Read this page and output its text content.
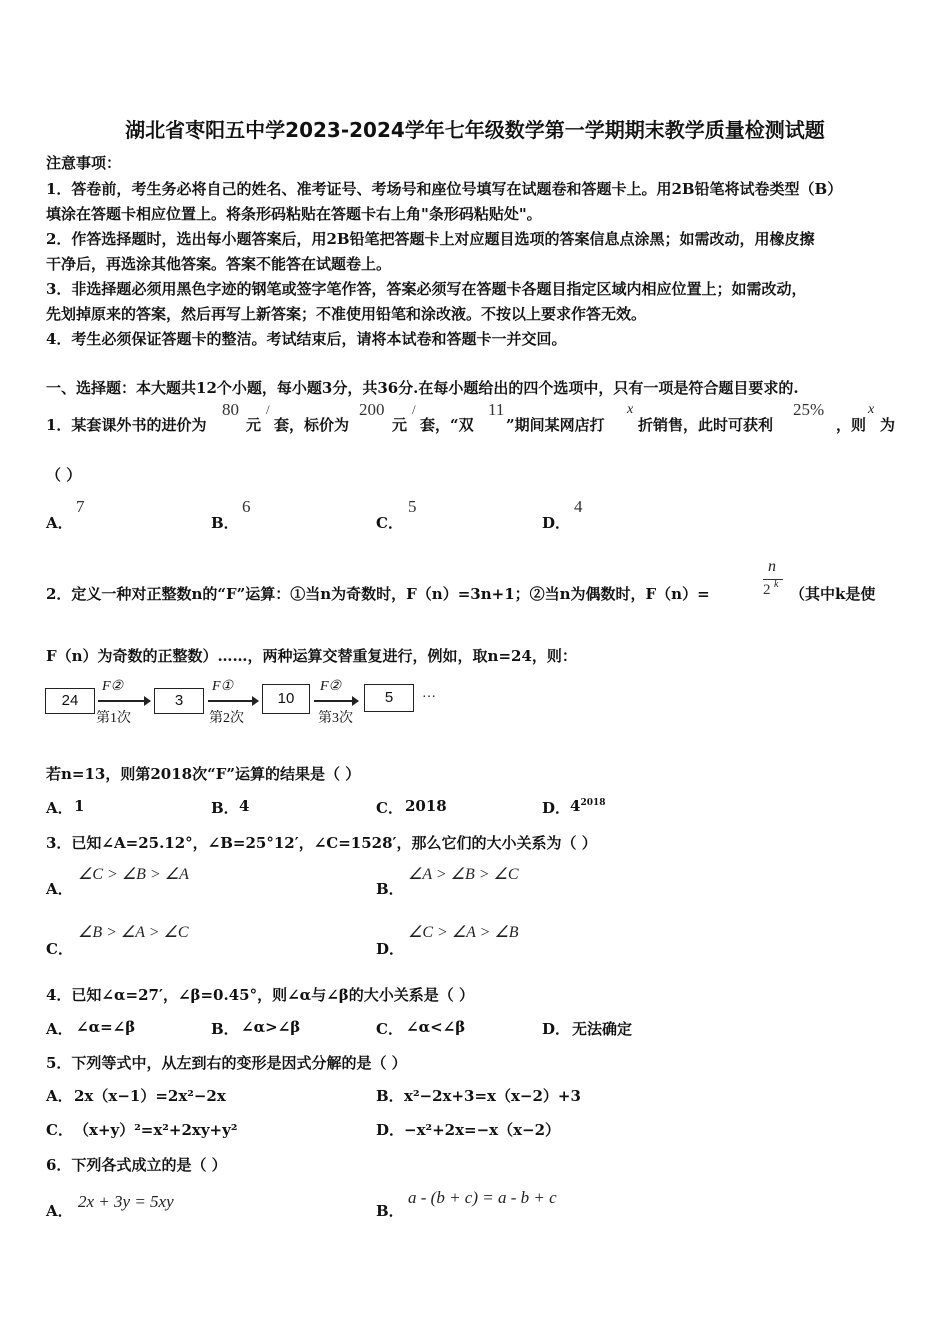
湖北省枣阳五中学2023-2024学年七年级数学第一学期期末教学质量检测试题
注意事项：
1．答卷前，考生务必将自己的姓名、准考证号、考场号和座位号填写在试题卷和答题卡上。用2B铅笔将试卷类型（B）
填涂在答题卡相应位置上。将条形码粘贴在答题卡右上角"条形码粘贴处"。
2．作答选择题时，选出每小题答案后，用2B铅笔把答题卡上对应题目选项的答案信息点涂黑；如需改动，用橡皮擦
干净后，再选涂其他答案。答案不能答在试题卷上。
3．非选择题必须用黑色字迹的钢笔或签字笔作答，答案必须写在答题卡各题目指定区域内相应位置上；如需改动，
先划掉原来的答案，然后再写上新答案；不准使用铅笔和涂改液。不按以上要求作答无效。
4．考生必须保证答题卡的整洁。考试结束后，请将本试卷和答题卡一并交回。
一、选择题：本大题共12个小题，每小题3分，共36分.在每小题给出的四个选项中，只有一项是符合题目要求的.
1．某套课外书的进价为
80
元
/
套，标价为
200
元
/
套，“双
11
”期间某网店打
x
折销售，此时可获利
25%
，则
x
为
（ ）
A．
7
B．
6
C．
5
D．
4
2．定义一种对正整数n的“F”运算：①当n为奇数时，F（n）=3n+1；②当n为偶数时，F（n）=
n
2 k
（其中k是使
F（n）为奇数的正整数）……，两种运算交替重复进行，例如，取n=24，则：
24
F②
第1次
3
F①
第2次
10
F②
第3次
5	…
若n=13，则第2018次“F”运算的结果是（ ）
A． 1	B． 4	C． 2018	D． $4^{2018}$
3．已知∠A=25.12°，∠B=25°12′，∠C=1528′，那么它们的大小关系为（ ）
A．
∠C > ∠B > ∠A
B．
∠A > ∠B > ∠C
C．
∠B > ∠A > ∠C
D．
∠C > ∠A > ∠B
4．已知∠α=27′，∠β=0.45°，则∠α与∠β的大小关系是（ ）
A． ∠α=∠β	B． ∠α>∠β	C． ∠α<∠β	D． 无法确定
5．下列等式中，从左到右的变形是因式分解的是（ ）
A． 2x（x−1）=2x²−2x	B． x²−2x+3=x（x−2）+3
C． （x+y）²=x²+2xy+y²	D． −x²+2x=−x（x−2）
6．下列各式成立的是（ ）
A． 2x + 3y = 5xy	B．
a - (b + c) = a - b + c
